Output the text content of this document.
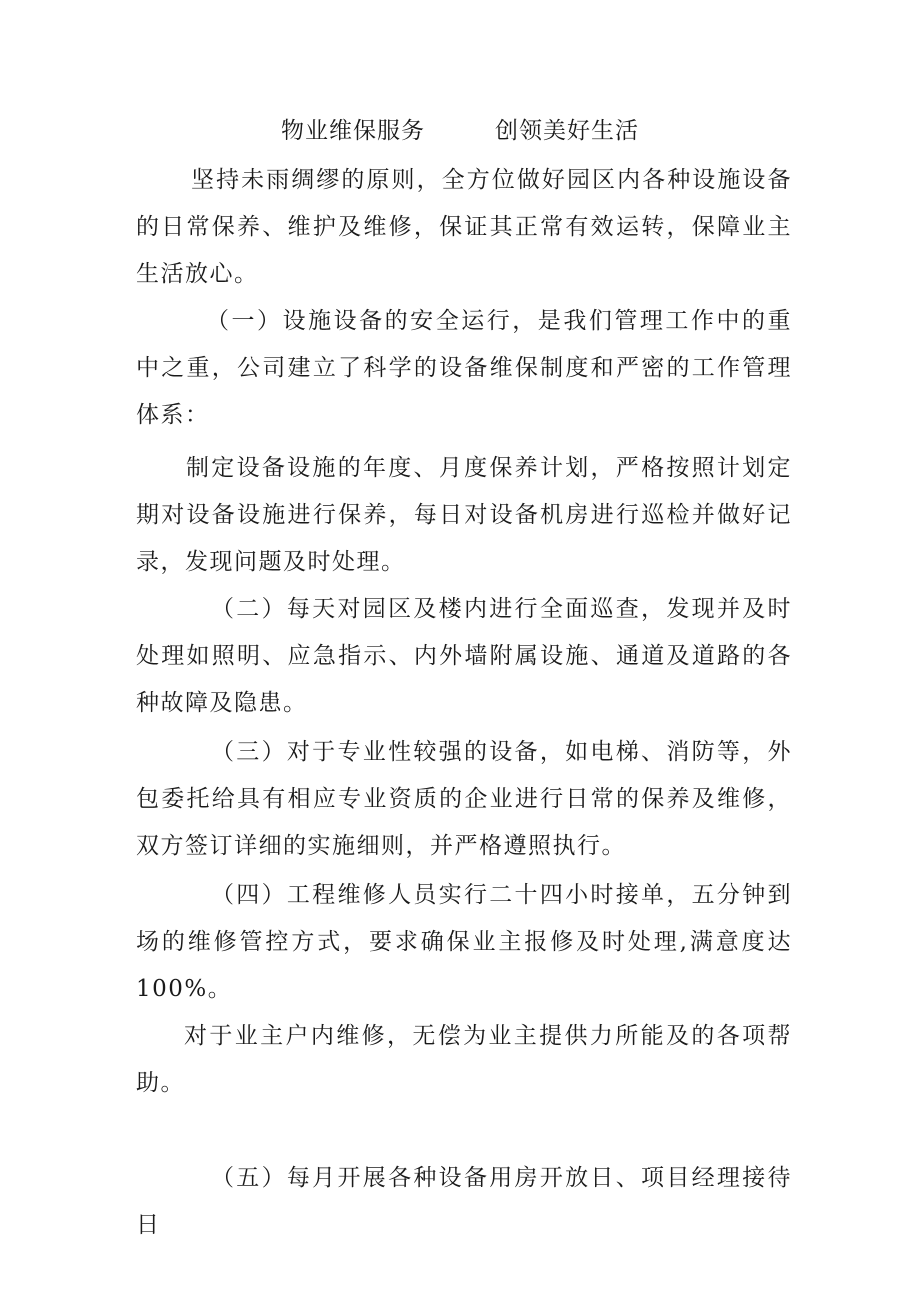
物业维保服务	创领美好生活

坚持未雨绸缪的原则，全方位做好园区内各种设施设备的日常保养、维护及维修，保证其正常有效运转，保障业主生活放心。

（一）设施设备的安全运行，是我们管理工作中的重中之重，公司建立了科学的设备维保制度和严密的工作管理体系：

制定设备设施的年度、月度保养计划，严格按照计划定期对设备设施进行保养，每日对设备机房进行巡检并做好记录，发现问题及时处理。

（二）每天对园区及楼内进行全面巡查，发现并及时处理如照明、应急指示、内外墙附属设施、通道及道路的各种故障及隐患。

（三）对于专业性较强的设备，如电梯、消防等，外包委托给具有相应专业资质的企业进行日常的保养及维修，双方签订详细的实施细则，并严格遵照执行。

（四）工程维修人员实行二十四小时接单，五分钟到场的维修管控方式，要求确保业主报修及时处理,满意度达100%。

对于业主户内维修，无偿为业主提供力所能及的各项帮助。

（五）每月开展各种设备用房开放日、项目经理接待日
